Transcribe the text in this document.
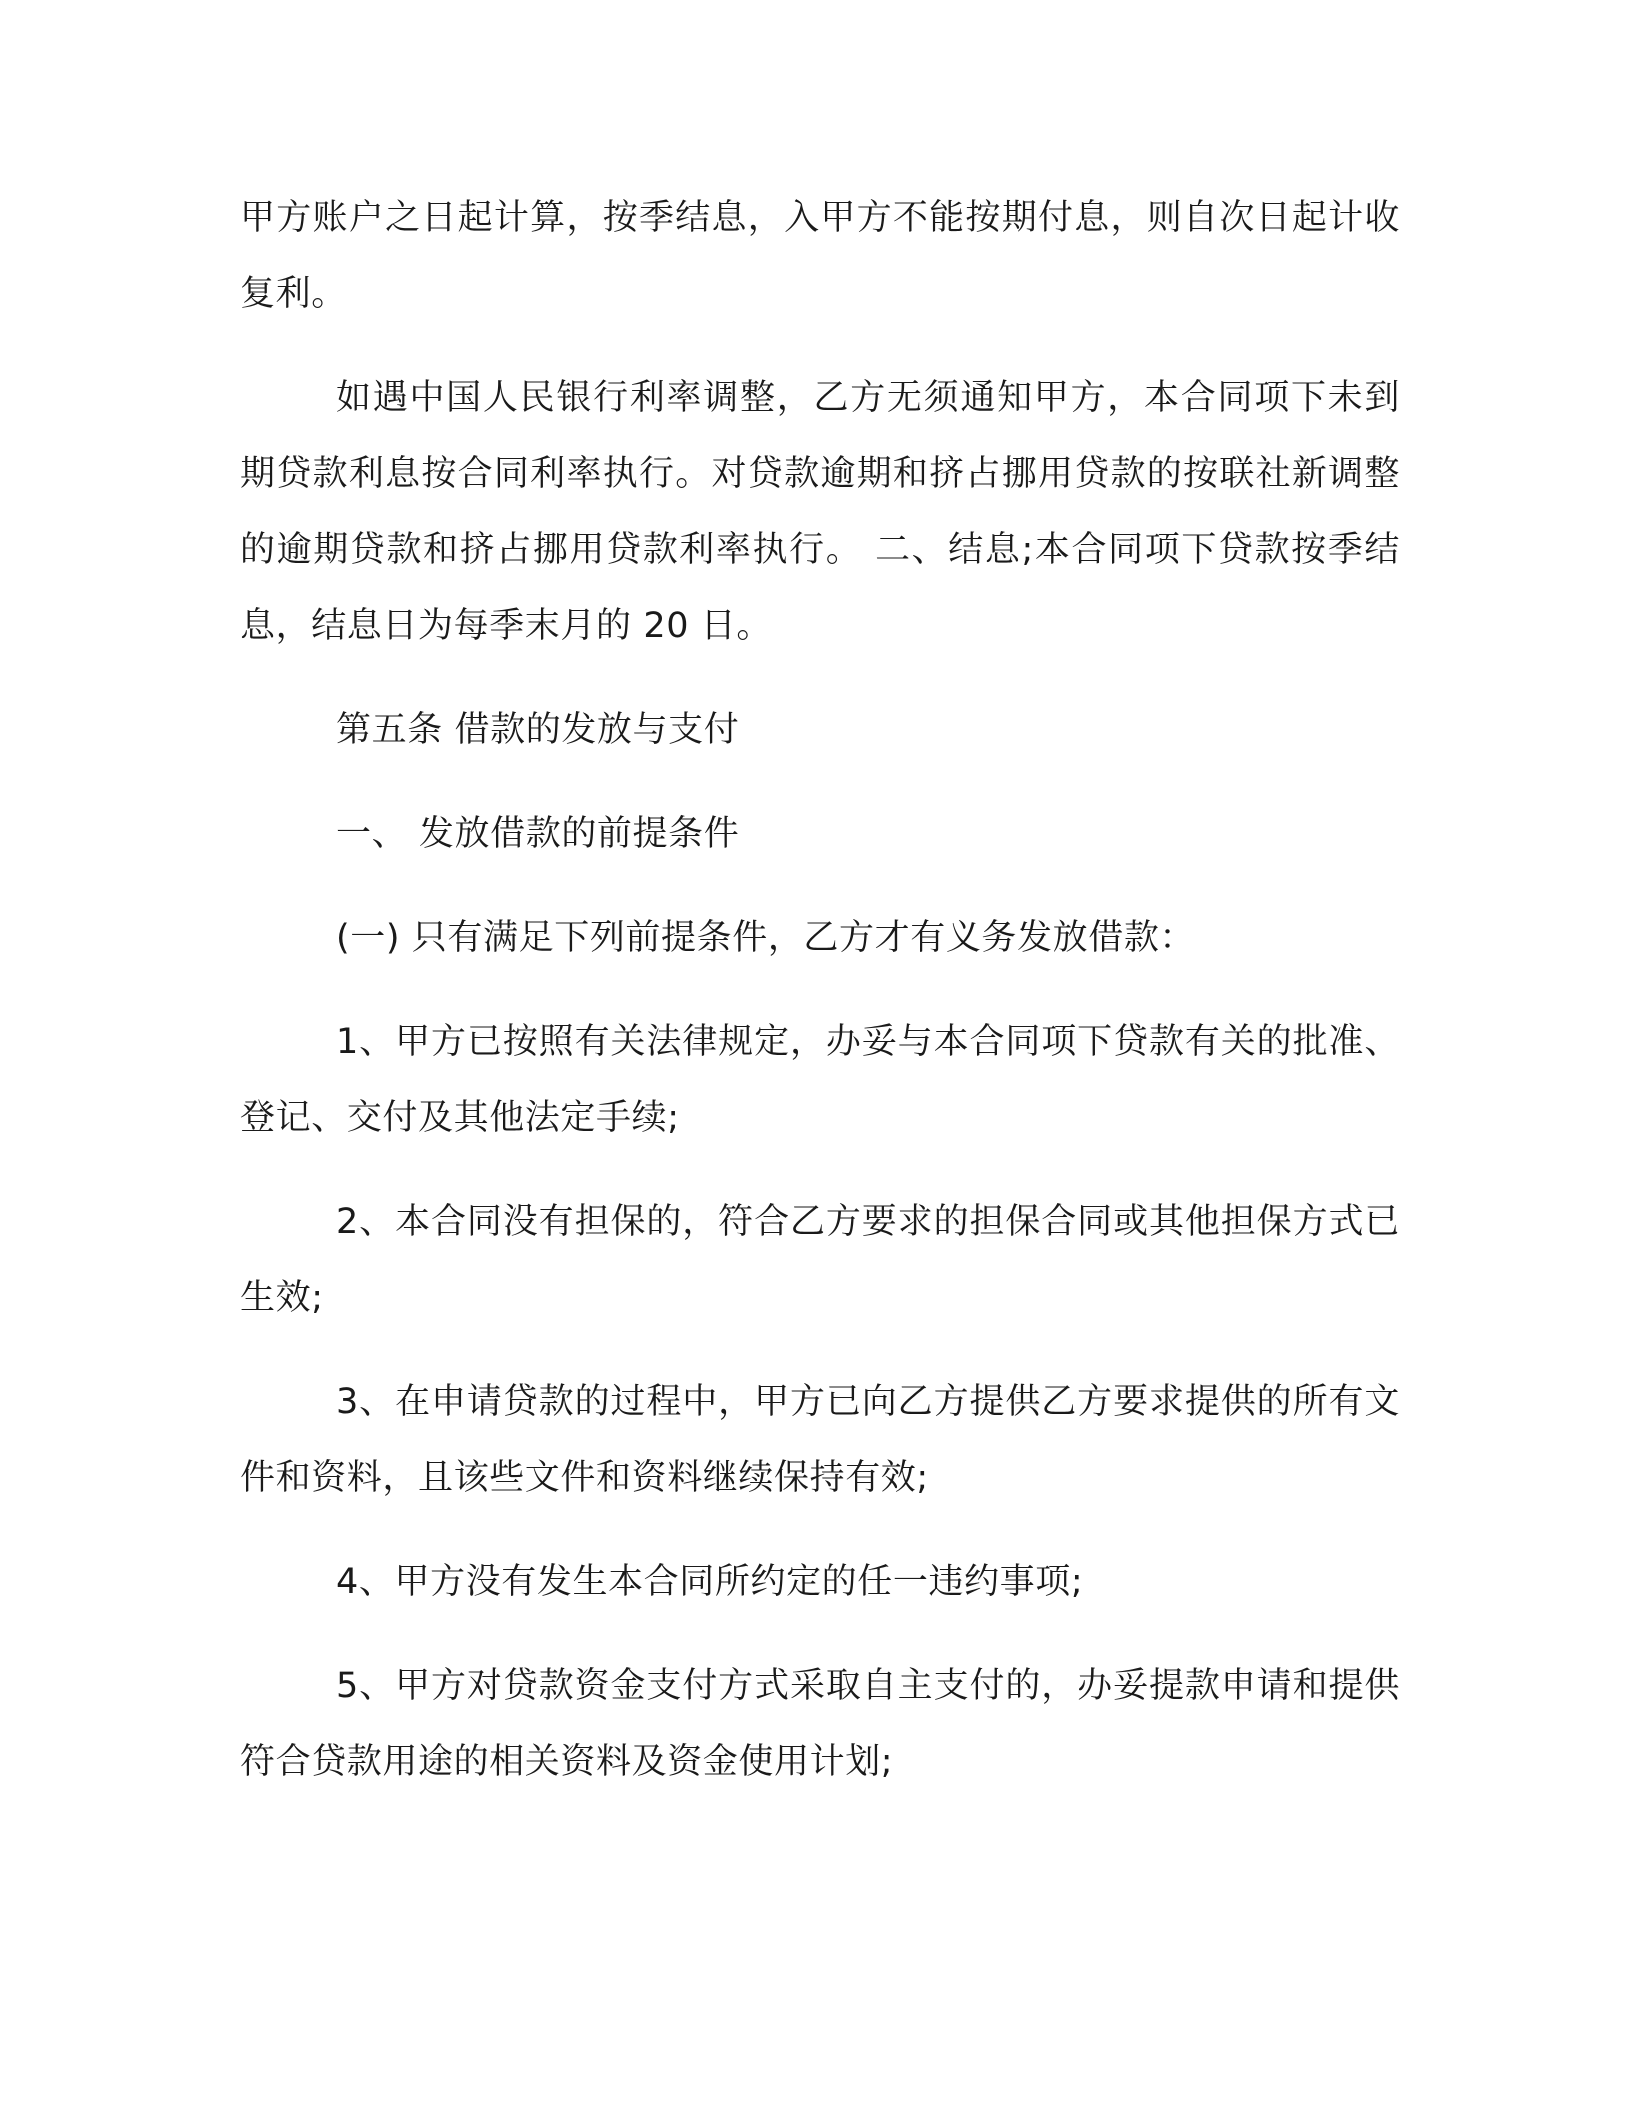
甲方账户之日起计算，按季结息，入甲方不能按期付息，则自次日起计收复利。

如遇中国人民银行利率调整，乙方无须通知甲方，本合同项下未到期贷款利息按合同利率执行。对贷款逾期和挤占挪用贷款的按联社新调整的逾期贷款和挤占挪用贷款利率执行。 二、结息;本合同项下贷款按季结息，结息日为每季末月的 20 日。

第五条 借款的发放与支付

一、 发放借款的前提条件

(一) 只有满足下列前提条件，乙方才有义务发放借款：

1、甲方已按照有关法律规定，办妥与本合同项下贷款有关的批准、登记、交付及其他法定手续;

2、本合同没有担保的，符合乙方要求的担保合同或其他担保方式已生效;

3、在申请贷款的过程中，甲方已向乙方提供乙方要求提供的所有文件和资料，且该些文件和资料继续保持有效;

4、甲方没有发生本合同所约定的任一违约事项;

5、甲方对贷款资金支付方式采取自主支付的，办妥提款申请和提供符合贷款用途的相关资料及资金使用计划;
